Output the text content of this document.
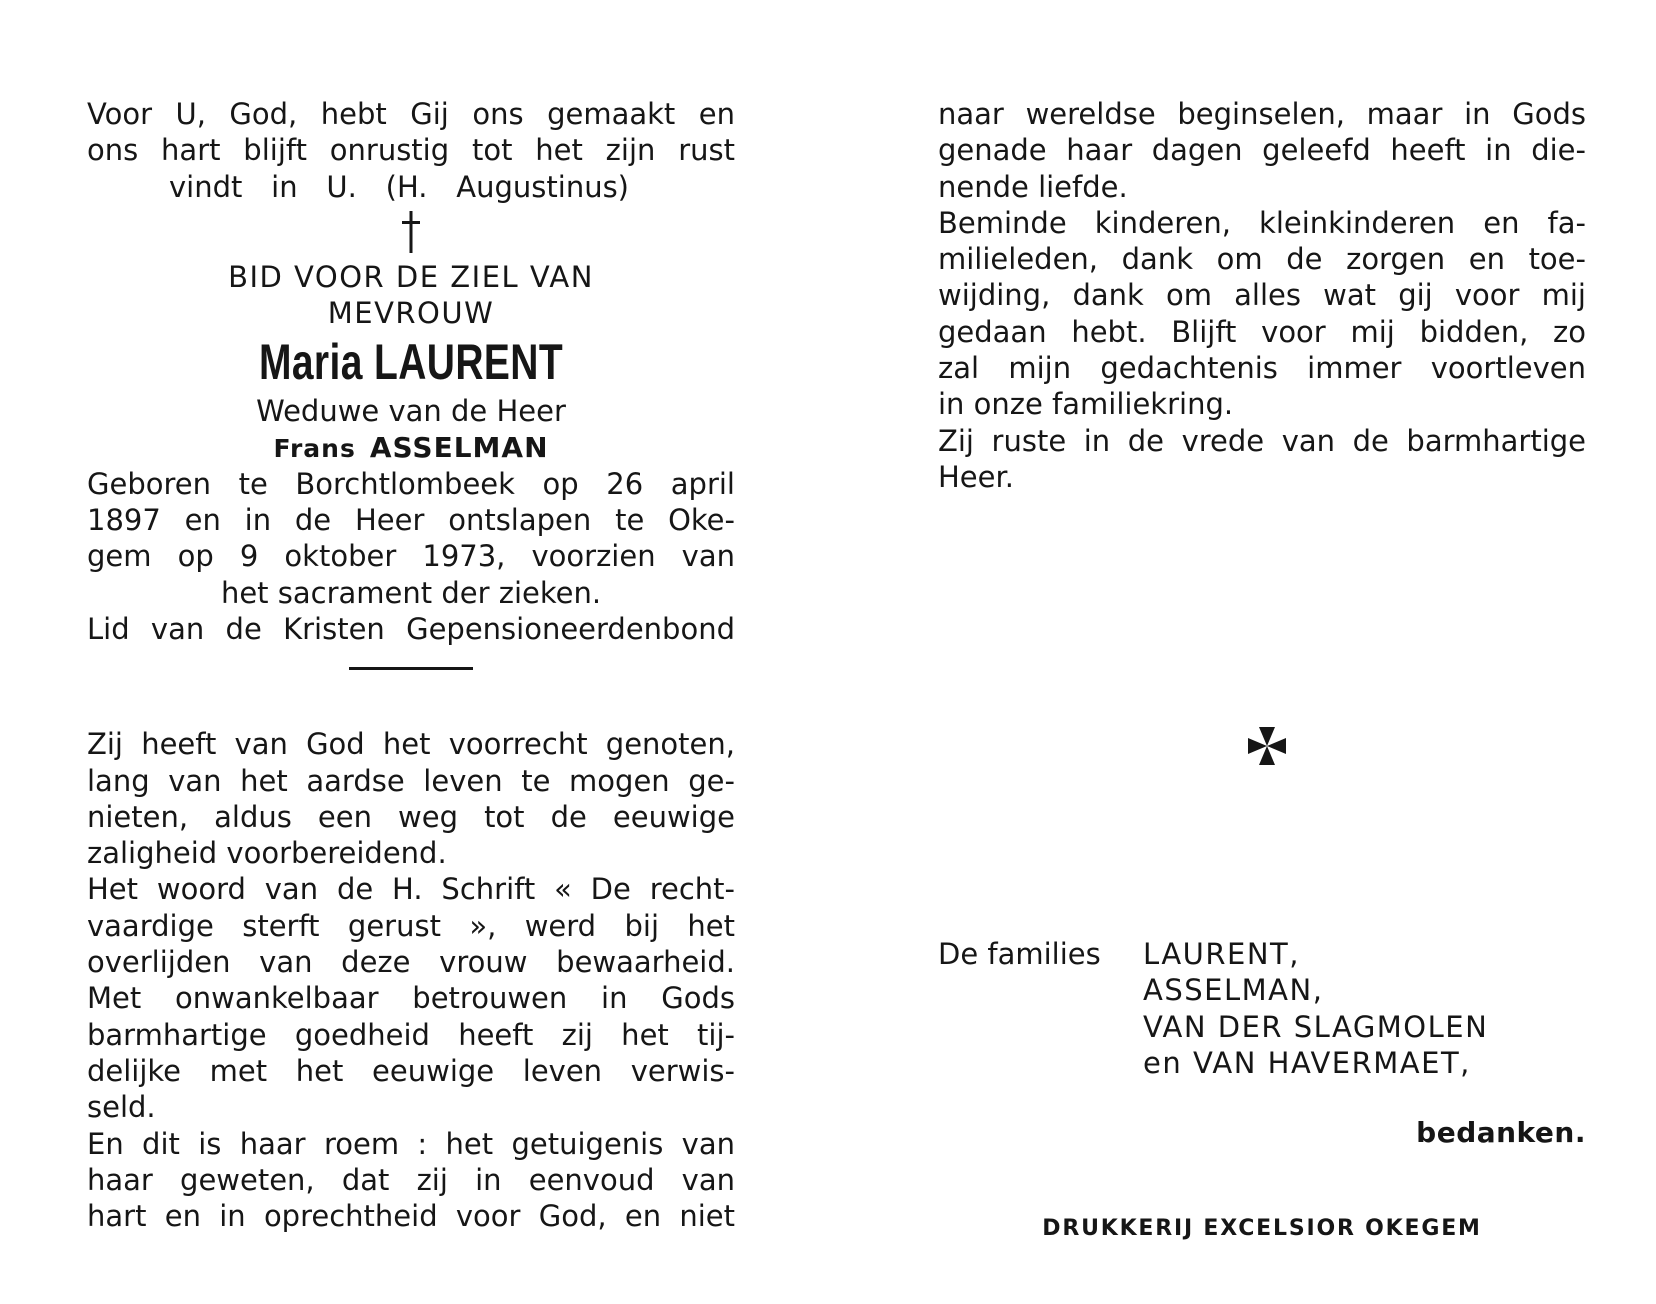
Voor U, God, hebt Gij ons gemaakt en
ons hart blijft onrustig tot het zijn rust
vindt in U. (H. Augustinus)
BID VOOR DE ZIEL VAN
MEVROUW
Maria LAURENT
Weduwe van de Heer
Frans ASSELMAN
Geboren te Borchtlombeek op 26 april
1897 en in de Heer ontslapen te Oke-
gem op 9 oktober 1973, voorzien van
het sacrament der zieken.
Lid van de Kristen Gepensioneerdenbond
Zij heeft van God het voorrecht genoten,
lang van het aardse leven te mogen ge-
nieten, aldus een weg tot de eeuwige
zaligheid voorbereidend.
Het woord van de H. Schrift « De recht-
vaardige sterft gerust », werd bij het
overlijden van deze vrouw bewaarheid.
Met onwankelbaar betrouwen in Gods
barmhartige goedheid heeft zij het tij-
delijke met het eeuwige leven verwis-
seld.
En dit is haar roem : het getuigenis van
haar geweten, dat zij in eenvoud van
hart en in oprechtheid voor God, en niet
naar wereldse beginselen, maar in Gods
genade haar dagen geleefd heeft in die-
nende liefde.
Beminde kinderen, kleinkinderen en fa-
milieleden, dank om de zorgen en toe-
wijding, dank om alles wat gij voor mij
gedaan hebt. Blijft voor mij bidden, zo
zal mijn gedachtenis immer voortleven
in onze familiekring.
Zij ruste in de vrede van de barmhartige
Heer.
De families LAURENT,
ASSELMAN,
VAN DER SLAGMOLEN
en VAN HAVERMAET,
bedanken.
DRUKKERIJ EXCELSIOR OKEGEM
